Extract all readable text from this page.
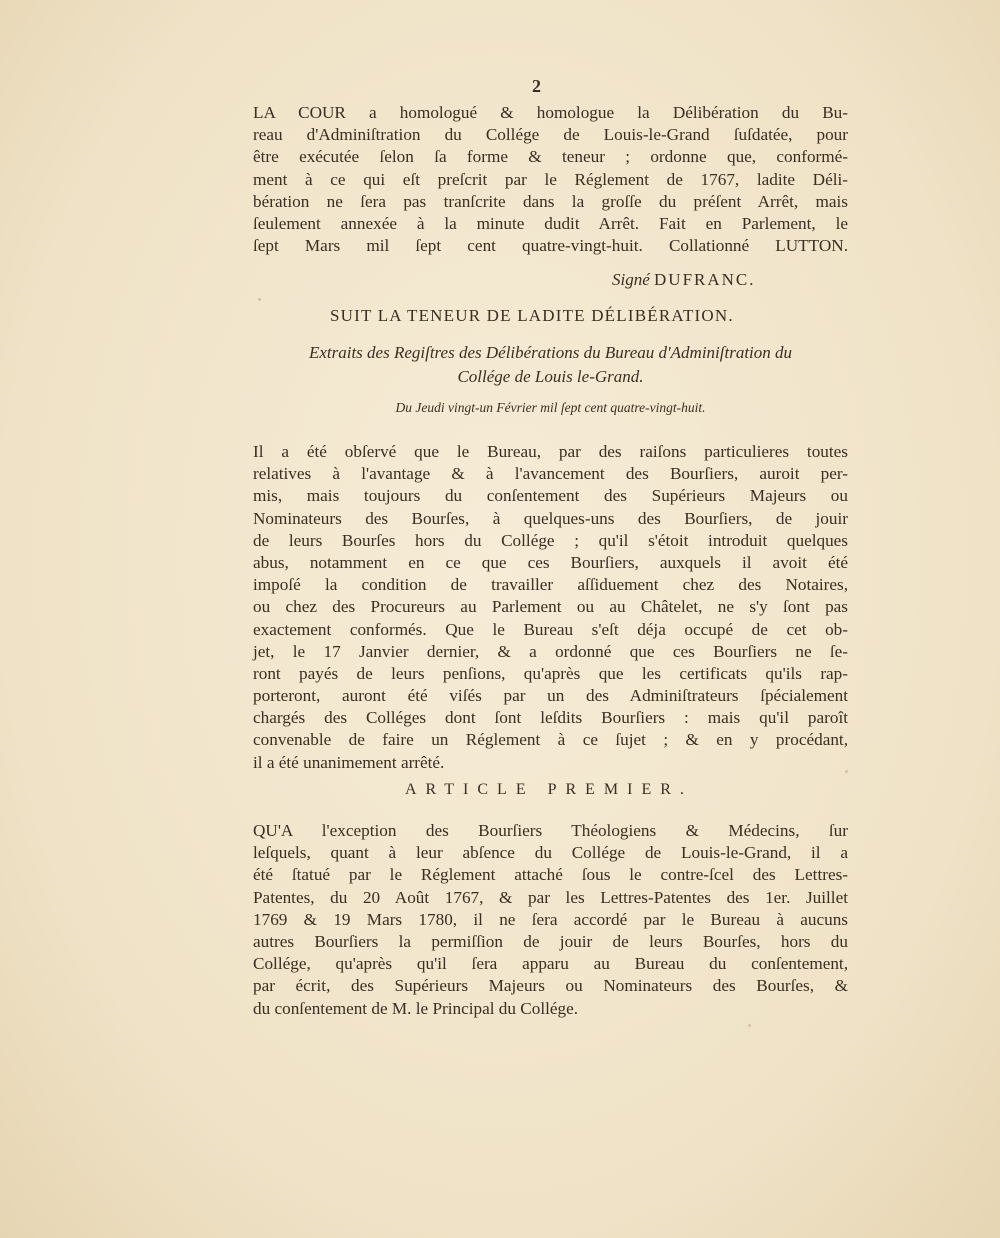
2
LA COUR a homologué & homologue la Délibération du Bu-
reau d'Adminiſtration du Collége de Louis-le-Grand ſuſdatée, pour
être exécutée ſelon ſa forme & teneur ; ordonne que, conformé-
ment à ce qui eſt preſcrit par le Réglement de 1767, ladite Déli-
bération ne ſera pas tranſcrite dans la groſſe du préſent Arrêt, mais
ſeulement annexée à la minute dudit Arrêt. Fait en Parlement, le
ſept Mars mil ſept cent quatre-vingt-huit. Collationné LUTTON.
Signé DUFRANC.
SUIT LA TENEUR DE LADITE DÉLIBÉRATION.
Extraits des Regiſtres des Délibérations du Bureau d'Adminiſtration du
Collége de Louis le-Grand.
Du Jeudi vingt-un Février mil ſept cent quatre-vingt-huit.
Il a été obſervé que le Bureau, par des raiſons particulieres toutes
relatives à l'avantage & à l'avancement des Bourſiers, auroit per-
mis, mais toujours du conſentement des Supérieurs Majeurs ou
Nominateurs des Bourſes, à quelques-uns des Bourſiers, de jouir
de leurs Bourſes hors du Collége ; qu'il s'étoit introduit quelques
abus, notamment en ce que ces Bourſiers, auxquels il avoit été
impoſé la condition de travailler aſſiduement chez des Notaires,
ou chez des Procureurs au Parlement ou au Châtelet, ne s'y ſont pas
exactement conformés. Que le Bureau s'eſt déja occupé de cet ob-
jet, le 17 Janvier dernier, & a ordonné que ces Bourſiers ne ſe-
ront payés de leurs penſions, qu'après que les certificats qu'ils rap-
porteront, auront été viſés par un des Adminiſtrateurs ſpécialement
chargés des Colléges dont ſont leſdits Bourſiers : mais qu'il paroît
convenable de faire un Réglement à ce ſujet ; & en y procédant,
il a été unanimement arrêté.
ARTICLE PREMIER.
QU'A l'exception des Bourſiers Théologiens & Médecins, ſur
leſquels, quant à leur abſence du Collége de Louis-le-Grand, il a
été ſtatué par le Réglement attaché ſous le contre-ſcel des Lettres-
Patentes, du 20 Août 1767, & par les Lettres-Patentes des 1er. Juillet
1769 & 19 Mars 1780, il ne ſera accordé par le Bureau à aucuns
autres Bourſiers la permiſſion de jouir de leurs Bourſes, hors du
Collége, qu'après qu'il ſera apparu au Bureau du conſentement,
par écrit, des Supérieurs Majeurs ou Nominateurs des Bourſes, &
du conſentement de M. le Principal du Collége.
